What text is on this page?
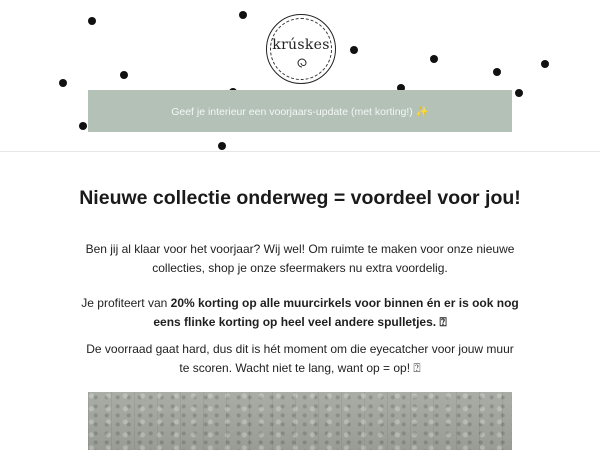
krúskes
Geef je interieur een voorjaars-update (met korting!) ✨
Nieuwe collectie onderweg = voordeel voor jou!
Ben jij al klaar voor het voorjaar? Wij wel! Om ruimte te maken voor onze nieuwe collecties, shop je onze sfeermakers nu extra voordelig.
Je profiteert van 20% korting op alle muurcirkels voor binnen én er is ook nog eens flinke korting op heel veel andere spulletjes. ⍰
De voorraad gaat hard, dus dit is hét moment om die eyecatcher voor jouw muur te scoren. Wacht niet te lang, want op = op! ⍰
